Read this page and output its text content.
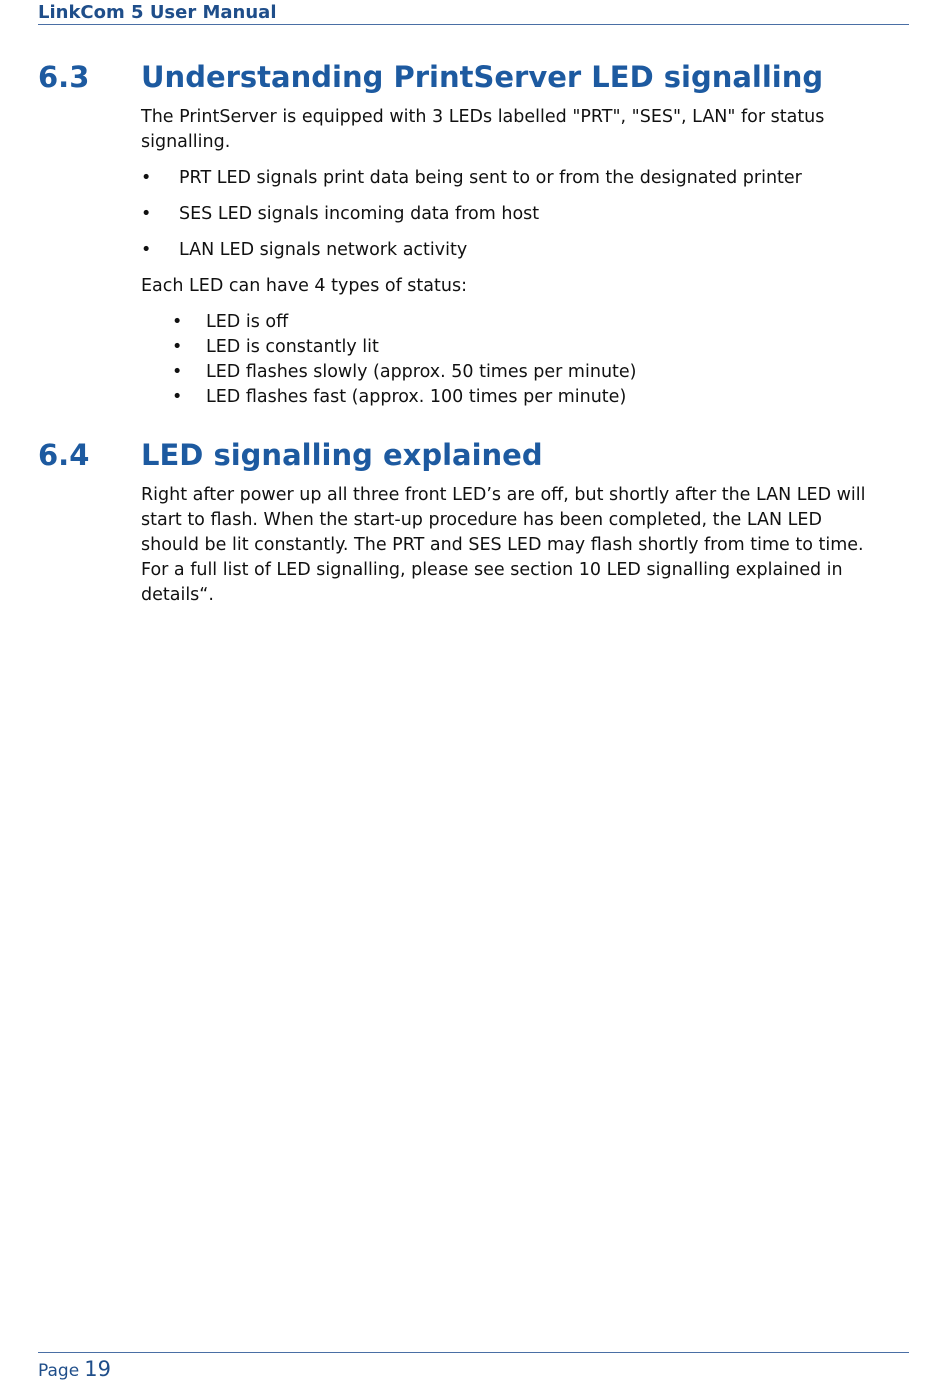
LinkCom 5 User Manual
6.3 Understanding PrintServer LED signalling
The PrintServer is equipped with 3 LEDs labelled "PRT", "SES", LAN" for status
signalling.
• PRT LED signals print data being sent to or from the designated printer
• SES LED signals incoming data from host
• LAN LED signals network activity
Each LED can have 4 types of status:
• LED is off
• LED is constantly lit
• LED flashes slowly (approx. 50 times per minute)
• LED flashes fast (approx. 100 times per minute)
6.4 LED signalling explained
Right after power up all three front LED’s are off, but shortly after the LAN LED will
start to flash. When the start-up procedure has been completed, the LAN LED
should be lit constantly. The PRT and SES LED may flash shortly from time to time.
For a full list of LED signalling, please see section 10 LED signalling explained in
details“.
Page 19
